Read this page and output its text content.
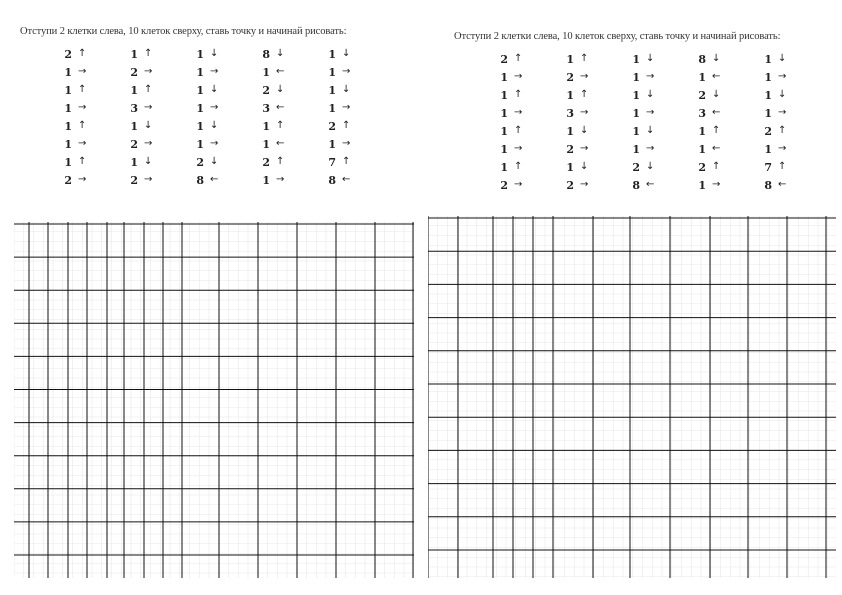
Отступи 2 клетки слева, 10 клеток сверху, ставь точку и начинай рисовать:
2 ↑
1 →
1 ↑
1 →
1 ↑
1 →
1 ↑
2 →
1 ↑
2 →
1 ↑
3 →
1 ↓
2 →
1 ↓
2 →
1 ↓
1 →
1 ↓
1 →
1 ↓
1 →
2 ↓
8 ←
8 ↓
1 ←
2 ↓
3 ←
1 ↑
1 ←
2 ↑
1 →
1 ↓
1 →
1 ↓
1 →
2 ↑
1 →
7 ↑
8 ←
Отступи 2 клетки слева, 10 клеток сверху, ставь точку и начинай рисовать:
2 ↑
1 →
1 ↑
1 →
1 ↑
1 →
1 ↑
2 →
1 ↑
2 →
1 ↑
3 →
1 ↓
2 →
1 ↓
2 →
1 ↓
1 →
1 ↓
1 →
1 ↓
1 →
2 ↓
8 ←
8 ↓
1 ←
2 ↓
3 ←
1 ↑
1 ←
2 ↑
1 →
1 ↓
1 →
1 ↓
1 →
2 ↑
1 →
7 ↑
8 ←
